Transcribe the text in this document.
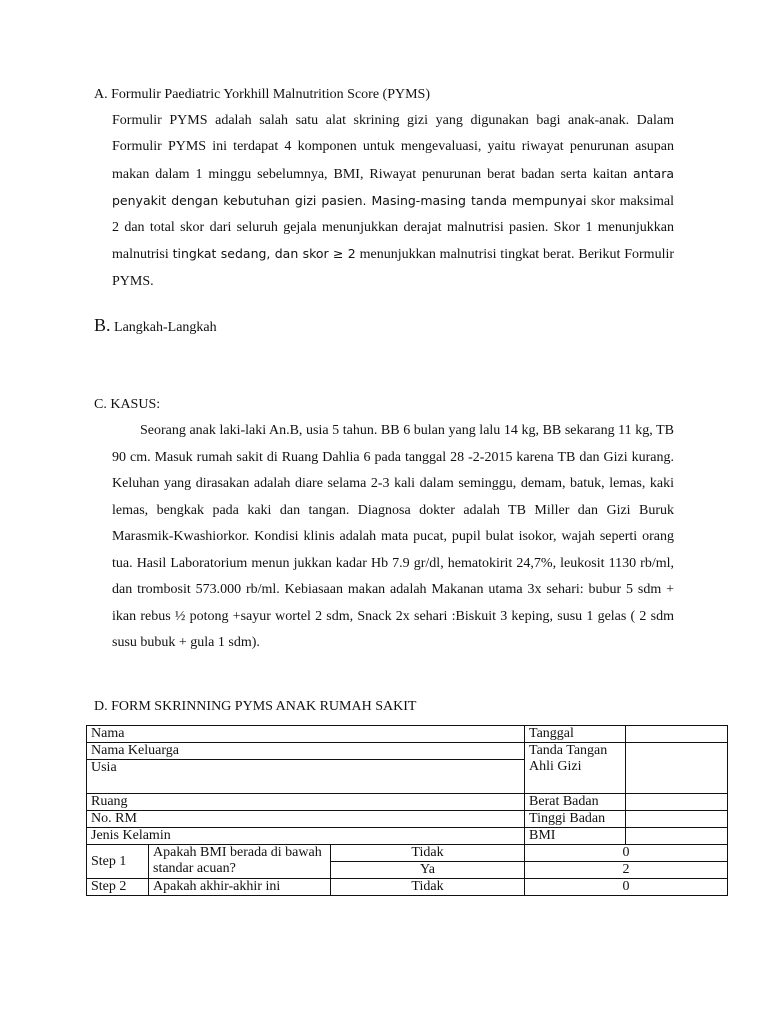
A. Formulir Paediatric Yorkhill Malnutrition Score (PYMS)
Formulir PYMS adalah salah satu alat skrining gizi yang digunakan bagi anak-anak. Dalam Formulir PYMS ini terdapat 4 komponen untuk mengevaluasi, yaitu riwayat penurunan asupan makan dalam 1 minggu sebelumnya, BMI, Riwayat penurunan berat badan serta kaitan antara penyakit dengan kebutuhan gizi pasien. Masing-masing tanda mempunyai skor maksimal 2 dan total skor dari seluruh gejala menunjukkan derajat malnutrisi pasien. Skor 1 menunjukkan malnutrisi tingkat sedang, dan skor ≥ 2 menunjukkan malnutrisi tingkat berat. Berikut Formulir PYMS.
B. Langkah-Langkah
C. KASUS:
Seorang anak laki-laki An.B, usia 5 tahun. BB 6 bulan yang lalu 14 kg, BB sekarang 11 kg, TB 90 cm. Masuk rumah sakit di Ruang Dahlia 6 pada tanggal 28 -2-2015 karena TB dan Gizi kurang. Keluhan yang dirasakan adalah diare selama 2-3 kali dalam seminggu, demam, batuk, lemas, kaki lemas, bengkak pada kaki dan tangan. Diagnosa dokter adalah TB Miller dan Gizi Buruk Marasmik-Kwashiorkor. Kondisi klinis adalah mata pucat, pupil bulat isokor, wajah seperti orang tua. Hasil Laboratorium menun jukkan kadar Hb 7.9 gr/dl, hematokirit 24,7%, leukosit 1130 rb/ml, dan trombosit 573.000 rb/ml. Kebiasaan makan adalah Makanan utama 3x sehari: bubur 5 sdm + ikan rebus ½ potong +sayur wortel 2 sdm, Snack 2x sehari :Biskuit 3 keping, susu 1 gelas ( 2 sdm susu bubuk + gula 1 sdm).
D. FORM SKRINNING PYMS ANAK RUMAH SAKIT
Nama			Tanggal	
Nama Keluarga			Tanda Tangan Ahli Gizi	
Usia				
Ruang			Berat Badan	
No. RM			Tinggi Badan	
Jenis Kelamin			BMI	
Step 1	Apakah BMI berada di bawah standar acuan?	Tidak	0	
		Ya	2	
Step 2	Apakah akhir-akhir ini	Tidak	0	
